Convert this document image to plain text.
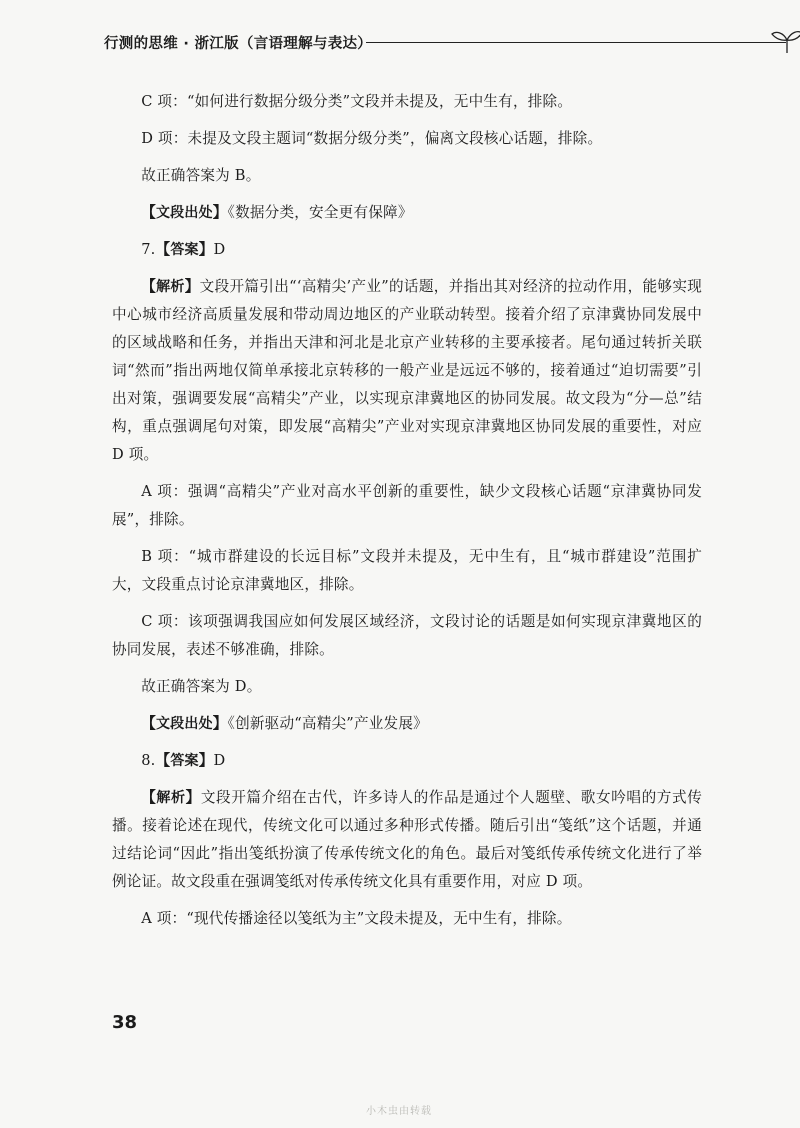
行测的思维 · 浙江版（言语理解与表达）

C 项：“如何进行数据分级分类”文段并未提及，无中生有，排除。

D 项：未提及文段主题词“数据分级分类”，偏离文段核心话题，排除。

故正确答案为 B。

【文段出处】《数据分类，安全更有保障》

7.【答案】D

【解析】文段开篇引出“‘高精尖’产业”的话题，并指出其对经济的拉动作用，能够实现中心城市经济高质量发展和带动周边地区的产业联动转型。接着介绍了京津冀协同发展中的区域战略和任务，并指出天津和河北是北京产业转移的主要承接者。尾句通过转折关联词“然而”指出两地仅简单承接北京转移的一般产业是远远不够的，接着通过“迫切需要”引出对策，强调要发展“高精尖”产业，以实现京津冀地区的协同发展。故文段为“分—总”结构，重点强调尾句对策，即发展“高精尖”产业对实现京津冀地区协同发展的重要性，对应 D 项。

A 项：强调“高精尖”产业对高水平创新的重要性，缺少文段核心话题“京津冀协同发展”，排除。

B 项：“城市群建设的长远目标”文段并未提及，无中生有，且“城市群建设”范围扩大，文段重点讨论京津冀地区，排除。

C 项：该项强调我国应如何发展区域经济，文段讨论的话题是如何实现京津冀地区的协同发展，表述不够准确，排除。

故正确答案为 D。

【文段出处】《创新驱动“高精尖”产业发展》

8.【答案】D

【解析】文段开篇介绍在古代，许多诗人的作品是通过个人题壁、歌女吟唱的方式传播。接着论述在现代，传统文化可以通过多种形式传播。随后引出“笺纸”这个话题，并通过结论词“因此”指出笺纸扮演了传承传统文化的角色。最后对笺纸传承传统文化进行了举例论证。故文段重在强调笺纸对传承传统文化具有重要作用，对应 D 项。

A 项：“现代传播途径以笺纸为主”文段未提及，无中生有，排除。

38
小木虫由转载
